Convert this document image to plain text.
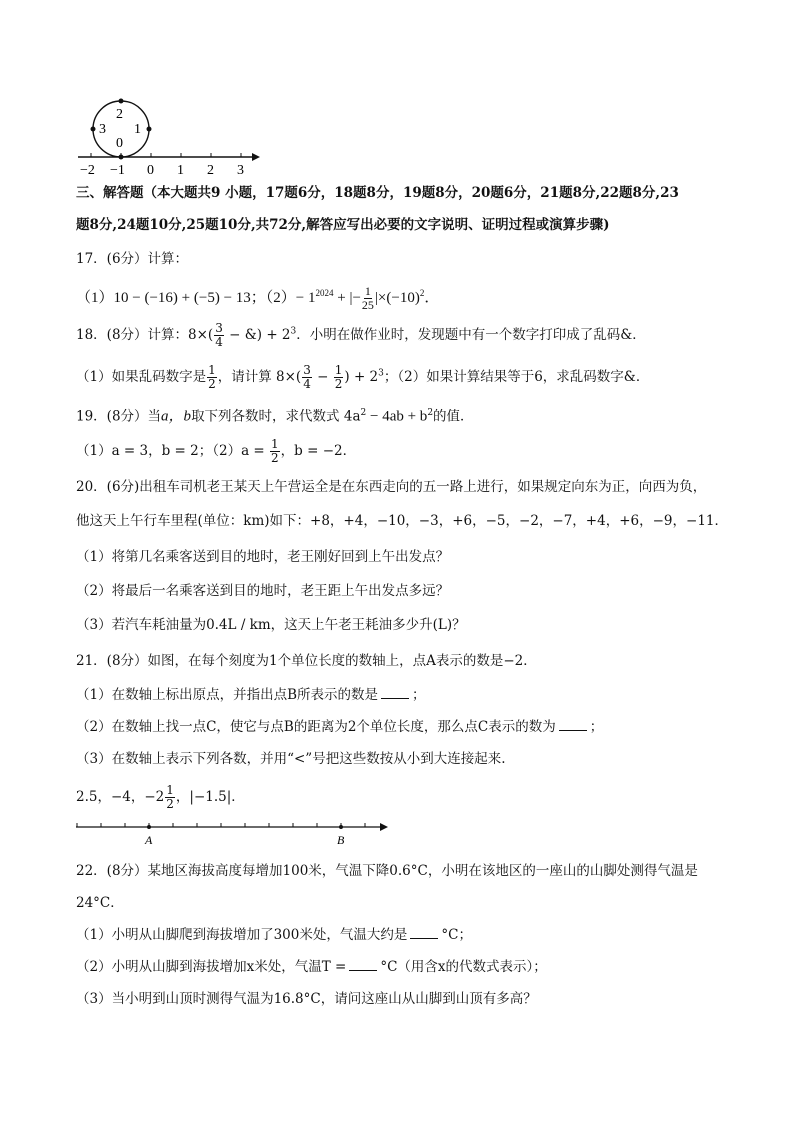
2
3 1
0
−2 −1 0 1 2 3
三、解答题（本大题共9 小题，17题6分，18题8分，19题8分，20题6分，21题8分,22题8分,23
题8分,24题10分,25题10分,共72分,解答应写出必要的文字说明、证明过程或演算步骤)
17．(6分）计算：
（1）10 − (−16) + (−5) − 13；$(2)- 1^{2024}$ + |− $\frac{1}{25} |\times(-10)^2$．
18．(8分）计算：$8\times( \frac{3}{4}$ − &) + $2^3$．小明在做作业时，发现题中有一个数字打印成了乱码&．
（1）如果乱码数字是 $\frac{1}{2}$ ，请计算 $8\times( \frac{3}{4} - \frac{1}{2}$ ) + $2^3$；（2）如果计算结果等于6，求乱码数字&．
19．(8分）当a，b取下列各数时，求代数式 $4a^2 - 4ab + b^2$的值．
（1）a = 3，b = 2；$(2)a = \frac{1}{2}$ ，b = −2．
20．(6分)出租车司机老王某天上午营运全是在东西走向的五一路上进行，如果规定向东为正，向西为负，
他这天上午行车里程(单位：km)如下：+8，+4，−10，−3，+6，−5，−2，−7，+4，+6，−9，−11．
（1）将第几名乘客送到目的地时，老王刚好回到上午出发点？
（2）将最后一名乘客送到目的地时，老王距上午出发点多远？
（3）若汽车耗油量为0.4L / km，这天上午老王耗油多少升(L)？
21．(8分）如图，在每个刻度为1个单位长度的数轴上，点A表示的数是−2．
（1）在数轴上标出原点，并指出点B所表示的数是	；
（2）在数轴上找一点C，使它与点B的距离为2个单位长度，那么点C表示的数为	；
（3）在数轴上表示下列各数，并用“<”号把这些数按从小到大连接起来.
2.5，−4，$-2 \frac{1}{2}$ ，|−1.5|．
A	B
22．(8分）某地区海拔高度每增加100米，气温下降0.6°C，小明在该地区的一座山的山脚处测得气温是
24°C．
（1）小明从山脚爬到海拔增加了300米处，气温大约是	°C；
（2）小明从山脚到海拔增加x米处，气温T =	°C（用含x的代数式表示）；
（3）当小明到山顶时测得气温为16.8°C，请问这座山从山脚到山顶有多高？
